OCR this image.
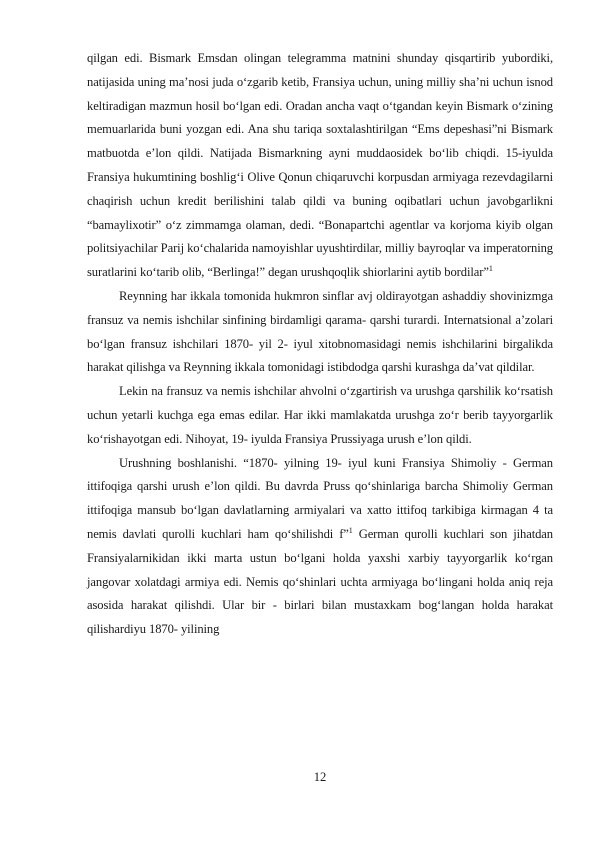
qilgan edi. Bismark Emsdan olingan telegramma matnini shunday qisqartirib yubordiki, natijasida uning ma’nosi juda o‘zgarib ketib, Fransiya uchun, uning milliy sha’ni uchun isnod keltiradigan mazmun hosil bo‘lgan edi. Oradan ancha vaqt o‘tgandan keyin Bismark o‘zining memuarlarida buni yozgan edi. Ana shu tariqa soxtalashtirilgan “Ems depeshasi”ni Bismark matbuotda e’lon qildi. Natijada Bismarkning ayni muddaosidek bo‘lib chiqdi. 15-iyulda Fransiya hukumtining boshlig‘i Olive Qonun chiqaruvchi korpusdan armiyaga rezevdagilarni chaqirish uchun kredit berilishini talab qildi va buning oqibatlari uchun javobgarlikni “bamaylixotir” o‘z zimmamga olaman, dedi. “Bonapartchi agentlar va korjoma kiyib olgan politsiyachilar Parij ko‘chalarida namoyishlar uyushtirdilar, milliy bayroqlar va imperatorning suratlarini ko‘tarib olib, “Berlinga!” degan urushqoqlik shiorlarini aytib bordilar”$^1$

Reynning har ikkala tomonida hukmron sinflar avj oldirayotgan ashaddiy shovinizmga fransuz va nemis ishchilar sinfining birdamligi qarama- qarshi turardi. Internatsional a’zolari bo‘lgan fransuz ishchilari 1870- yil 2- iyul xitobnomasidagi nemis ishchilarini birgalikda harakat qilishga va Reynning ikkala tomonidagi istibdodga qarshi kurashga da’vat qildilar.

Lekin na fransuz va nemis ishchilar ahvolni o‘zgartirish va urushga qarshilik ko‘rsatish uchun yetarli kuchga ega emas edilar. Har ikki mamlakatda urushga zo‘r berib tayyorgarlik ko‘rishayotgan edi. Nihoyat, 19- iyulda Fransiya Prussiyaga urush e’lon qildi.

Urushning boshlanishi. “1870- yilning 19- iyul kuni Fransiya Shimoliy - German ittifoqiga qarshi urush e’lon qildi. Bu davrda Pruss qo‘shinlariga barcha Shimoliy German ittifoqiga mansub bo‘lgan davlatlarning armiyalari va xatto ittifoq tarkibiga kirmagan 4 ta nemis davlati qurolli kuchlari ham qo‘shilishdi f”$^1$ German qurolli kuchlari son jihatdan Fransiyalarnikidan ikki marta ustun bo‘lgani holda yaxshi xarbiy tayyorgarlik ko‘rgan jangovar xolatdagi armiya edi. Nemis qo‘shinlari uchta armiyaga bo‘lingani holda aniq reja asosida harakat qilishdi. Ular bir - birlari bilan mustaxkam bog‘langan holda harakat qilishardiyu 1870- yilining

12
